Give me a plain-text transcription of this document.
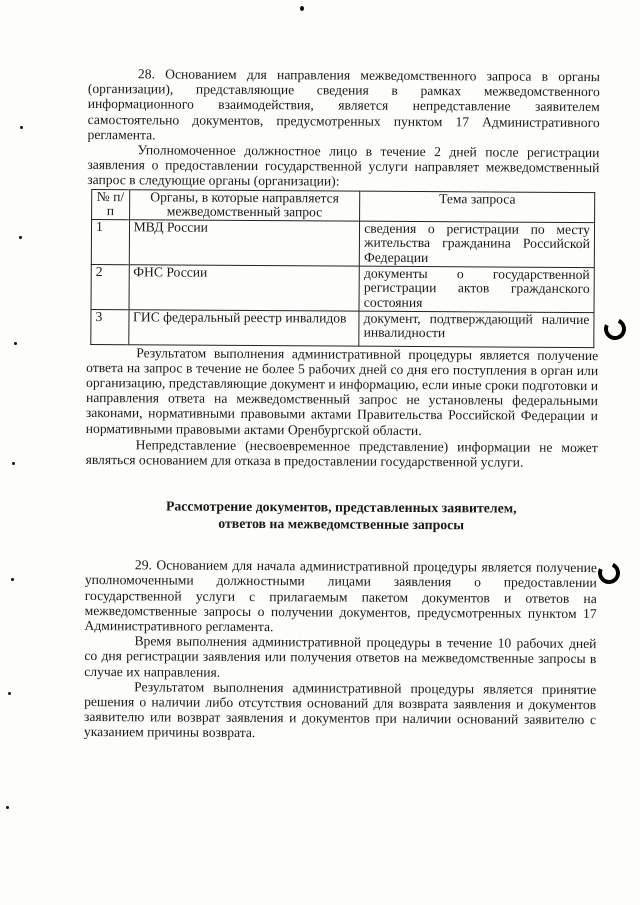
28. Основанием для направления межведомственного запроса в органы (организации), представляющие сведения в рамках межведомственного информационного взаимодействия, является непредставление заявителем самостоятельно документов, предусмотренных пунктом 17 Административного регламента.

Уполномоченное должностное лицо в течение 2 дней после регистрации заявления о предоставлении государственной услуги направляет межведомственный запрос в следующие органы (организации):

№ п/п	Органы, в которые направляется межведомственный запрос	Тема запроса
1	МВД России	сведения о регистрации по месту жительства гражданина Российской Федерации
2	ФНС России	документы о государственной регистрации актов гражданского состояния
3	ГИС федеральный реестр инвалидов	документ, подтверждающий наличие инвалидности

Результатом выполнения административной процедуры является получение ответа на запрос в течение не более 5 рабочих дней со дня его поступления в орган или организацию, представляющие документ и информацию, если иные сроки подготовки и направления ответа на межведомственный запрос не установлены федеральными законами, нормативными правовыми актами Правительства Российской Федерации и нормативными правовыми актами Оренбургской области.

Непредставление (несвоевременное представление) информации не может являться основанием для отказа в предоставлении государственной услуги.

Рассмотрение документов, представленных заявителем,
ответов на межведомственные запросы

29. Основанием для начала административной процедуры является получение уполномоченными должностными лицами заявления о предоставлении государственной услуги с прилагаемым пакетом документов и ответов на межведомственные запросы о получении документов, предусмотренных пунктом 17 Административного регламента.

Время выполнения административной процедуры в течение 10 рабочих дней со дня регистрации заявления или получения ответов на межведомственные запросы в случае их направления.

Результатом выполнения административной процедуры является принятие решения о наличии либо отсутствия оснований для возврата заявления и документов заявителю или возврат заявления и документов при наличии оснований заявителю с указанием причины возврата.
